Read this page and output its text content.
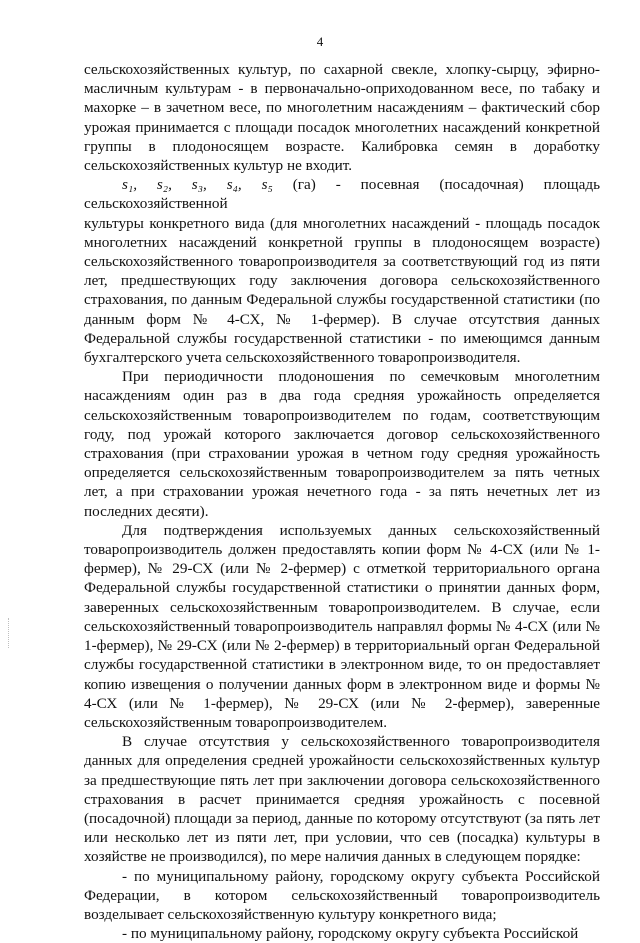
4

сельскохозяйственных культур, по сахарной свекле, хлопку-сырцу, эфирно-масличным культурам - в первоначально-оприходованном весе, по табаку и махорке – в зачетном весе, по многолетним насаждениям – фактический сбор урожая принимается с площади посадок многолетних насаждений конкретной группы в плодоносящем возрасте. Калибровка семян в доработку сельскохозяйственных культур не входит.

s₁, s₂, s₃, s₄, s₅ (га) - посевная (посадочная) площадь сельскохозяйственной

культуры конкретного вида (для многолетних насаждений - площадь посадок многолетних насаждений конкретной группы в плодоносящем возрасте) сельскохозяйственного товаропроизводителя за соответствующий год из пяти лет, предшествующих году заключения договора сельскохозяйственного страхования, по данным Федеральной службы государственной статистики (по данным форм № 4-СХ, № 1-фермер). В случае отсутствия данных Федеральной службы государственной статистики - по имеющимся данным бухгалтерского учета сельскохозяйственного товаропроизводителя.

При периодичности плодоношения по семечковым многолетним насаждениям один раз в два года средняя урожайность определяется сельскохозяйственным товаропроизводителем по годам, соответствующим году, под урожай которого заключается договор сельскохозяйственного страхования (при страховании урожая в четном году средняя урожайность определяется сельскохозяйственным товаропроизводителем за пять четных лет, а при страховании урожая нечетного года - за пять нечетных лет из последних десяти).

Для подтверждения используемых данных сельскохозяйственный товаропроизводитель должен предоставлять копии форм № 4-СХ (или № 1-фермер), № 29-СХ (или № 2-фермер) с отметкой территориального органа Федеральной службы государственной статистики о принятии данных форм, заверенных сельскохозяйственным товаропроизводителем. В случае, если сельскохозяйственный товаропроизводитель направлял формы № 4-СХ (или № 1-фермер), № 29-СХ (или № 2-фермер) в территориальный орган Федеральной службы государственной статистики в электронном виде, то он предоставляет копию извещения о получении данных форм в электронном виде и формы № 4-СХ (или № 1-фермер), № 29-СХ (или № 2-фермер), заверенные сельскохозяйственным товаропроизводителем.

В случае отсутствия у сельскохозяйственного товаропроизводителя данных для определения средней урожайности сельскохозяйственных культур за предшествующие пять лет при заключении договора сельскохозяйственного страхования в расчет принимается средняя урожайность с посевной (посадочной) площади за период, данные по которому отсутствуют (за пять лет или несколько лет из пяти лет, при условии, что сев (посадка) культуры в хозяйстве не производился), по мере наличия данных в следующем порядке:

- по муниципальному району, городскому округу субъекта Российской Федерации, в котором сельскохозяйственный товаропроизводитель возделывает сельскохозяйственную культуру конкретного вида;

- по муниципальному району, городскому округу субъекта Российской
